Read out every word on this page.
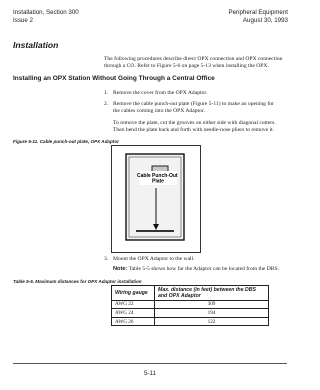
Installation, Section 300
Issue 2
Peripheral Equipment
August 30, 1993
Installation
The following procedures describe direct OPX connection and OPX connection through a CO. Refer to Figure 5-6 on page 5-13 when installing the OPX.
Installing an OPX Station Without Going Through a Central Office
1. Remove the cover from the OPX Adaptor.
2. Remove the cable punch-out plate (Figure 5-11) to make an opening for the cables coming into the OPX Adaptor.
To remove the plate, cut the grooves on either side with diagonal cutters. Then bend the plate back and forth with needle-nose pliers to remove it.
Figure 5-11. Cable punch-out plate, OPX Adaptor
Cable Punch-Out Plate
3. Mount the OPX Adaptor to the wall.
Note: Table 5-5 shows how far the Adaptor can be located from the DBS.
Table 5-5. Maximum distances for OPX Adaptor installation
Wiring gauge	Max. distance (in feet) between the DBS and OPX Adaptor
AWG 22	309
AWG 24	194
AWG 26	122
5-11
